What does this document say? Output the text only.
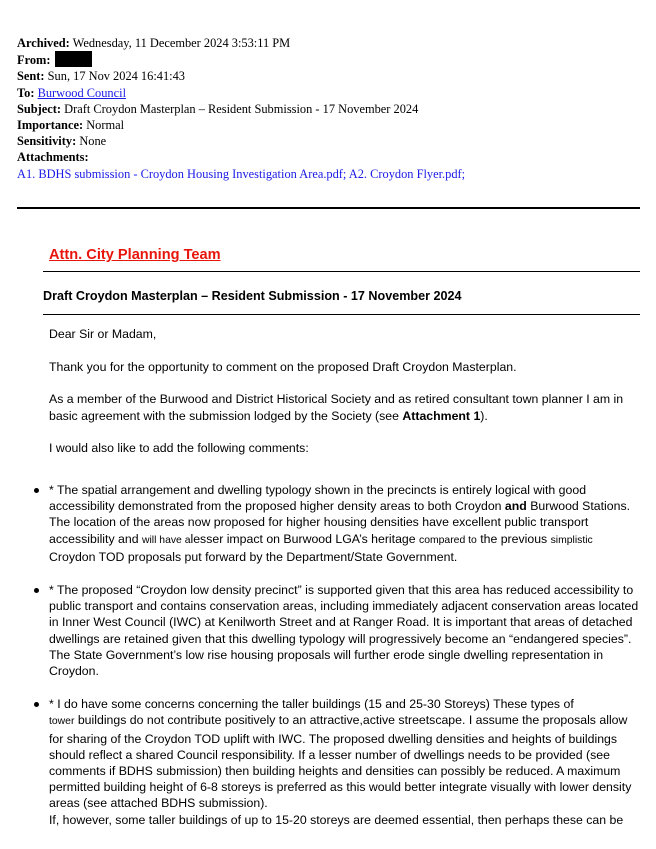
Archived: Wednesday, 11 December 2024 3:53:11 PM
From:
Sent: Sun, 17 Nov 2024 16:41:43
To: Burwood Council
Subject: Draft Croydon Masterplan – Resident Submission - 17 November 2024
Importance: Normal
Sensitivity: None
Attachments:
A1. BDHS submission - Croydon Housing Investigation Area.pdf; A2. Croydon Flyer.pdf;
Attn. City Planning Team
Draft Croydon Masterplan – Resident Submission - 17 November 2024

Dear Sir or Madam,

Thank you for the opportunity to comment on the proposed Draft Croydon Masterplan.

As a member of the Burwood and District Historical Society and as retired consultant town planner I am in basic agreement with the submission lodged by the Society (see Attachment 1).

I would also like to add the following comments:

* The spatial arrangement and dwelling typology shown in the precincts is entirely logical with good accessibility demonstrated from the proposed higher density areas to both Croydon and Burwood Stations. The location of the areas now proposed for higher housing densities have excellent public transport accessibility and will have alesser impact on Burwood LGA’s heritage compared to the previous simplistic Croydon TOD proposals put forward by the Department/State Government.
* The proposed “Croydon low density precinct” is supported given that this area has reduced accessibility to public transport and contains conservation areas, including immediately adjacent conservation areas located in Inner West Council (IWC) at Kenilworth Street and at Ranger Road. It is important that areas of detached dwellings are retained given that this dwelling typology will progressively become an “endangered species”. The State Government’s low rise housing proposals will further erode single dwelling representation in Croydon.
* I do have some concerns concerning the taller buildings (15 and 25-30 Storeys) These types of
tower buildings do not contribute positively to an attractive,active streetscape. I assume the proposals allow for sharing of the Croydon TOD uplift with IWC. The proposed dwelling densities and heights of buildings should reflect a shared Council responsibility. If a lesser number of dwellings needs to be provided (see comments if BDHS submission) then building heights and densities can possibly be reduced. A maximum permitted building height of 6-8 storeys is preferred as this would better integrate visually with lower density areas (see attached BDHS submission).
If, however, some taller buildings of up to 15-20 storeys are deemed essential, then perhaps these can be
